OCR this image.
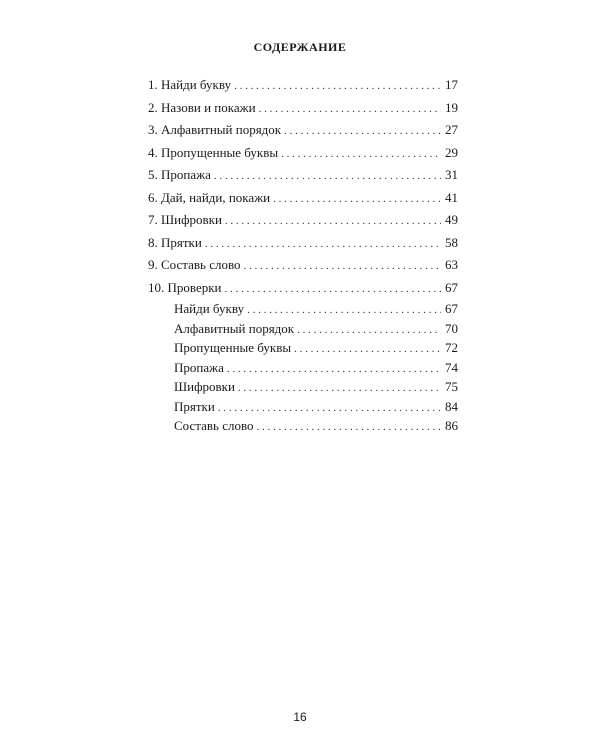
СОДЕРЖАНИЕ
1. Найди букву . . .	17
2. Назови и покажи . . .	19
3. Алфавитный порядок . . .	27
4. Пропущенные буквы . . .	29
5. Пропажа . . .	31
6. Дай, найди, покажи . . .	41
7. Шифровки . . .	49
8. Прятки . . .	58
9. Составь слово . . .	63
10. Проверки . . .	67
Найди букву . . .	67
Алфавитный порядок . . .	70
Пропущенные буквы . . .	72
Пропажа . . .	74
Шифровки . . .	75
Прятки . . .	84
Составь слово . . .	86

16
